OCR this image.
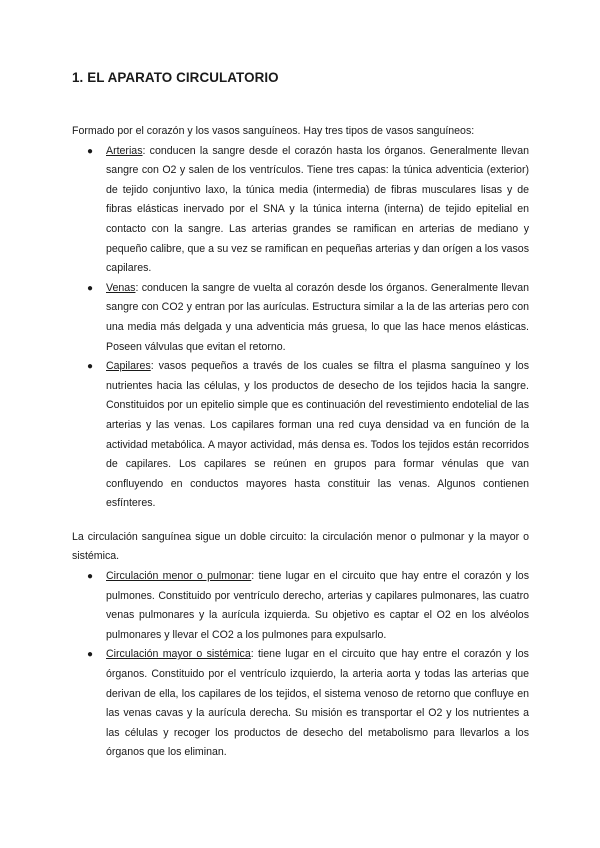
1. EL APARATO CIRCULATORIO

Formado por el corazón y los vasos sanguíneos. Hay tres tipos de vasos sanguíneos:

● Arterias: conducen la sangre desde el corazón hasta los órganos. Generalmente llevan sangre con O2 y salen de los ventrículos. Tiene tres capas: la túnica adventicia (exterior) de tejido conjuntivo laxo, la túnica media (intermedia) de fibras musculares lisas y de fibras elásticas inervado por el SNA y la túnica interna (interna) de tejido epitelial en contacto con la sangre. Las arterias grandes se ramifican en arterias de mediano y pequeño calibre, que a su vez se ramifican en pequeñas arterias y dan orígen a los vasos capilares.
● Venas: conducen la sangre de vuelta al corazón desde los órganos. Generalmente llevan sangre con CO2 y entran por las aurículas. Estructura similar a la de las arterias pero con una media más delgada y una adventicia más gruesa, lo que las hace menos elásticas. Poseen válvulas que evitan el retorno.
● Capilares: vasos pequeños a través de los cuales se filtra el plasma sanguíneo y los nutrientes hacia las células, y los productos de desecho de los tejidos hacia la sangre. Constituidos por un epitelio simple que es continuación del revestimiento endotelial de las arterias y las venas. Los capilares forman una red cuya densidad va en función de la actividad metabólica. A mayor actividad, más densa es. Todos los tejidos están recorridos de capilares. Los capilares se reúnen en grupos para formar vénulas que van confluyendo en conductos mayores hasta constituir las venas. Algunos contienen esfínteres.

La circulación sanguínea sigue un doble circuito: la circulación menor o pulmonar y la mayor o sistémica.

● Circulación menor o pulmonar: tiene lugar en el circuito que hay entre el corazón y los pulmones. Constituido por ventrículo derecho, arterias y capilares pulmonares, las cuatro venas pulmonares y la aurícula izquierda. Su objetivo es captar el O2 en los alvéolos pulmonares y llevar el CO2 a los pulmones para expulsarlo.
● Circulación mayor o sistémica: tiene lugar en el circuito que hay entre el corazón y los órganos. Constituido por el ventrículo izquierdo, la arteria aorta y todas las arterias que derivan de ella, los capilares de los tejidos, el sistema venoso de retorno que confluye en las venas cavas y la aurícula derecha. Su misión es transportar el O2 y los nutrientes a las células y recoger los productos de desecho del metabolismo para llevarlos a los órganos que los eliminan.
